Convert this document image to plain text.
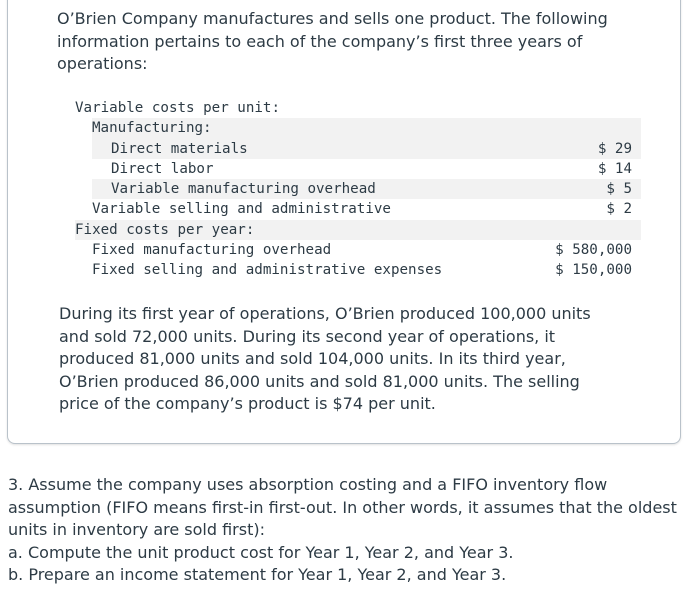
O’Brien Company manufactures and sells one product. The following information pertains to each of the company’s first three years of operations:

Variable costs per unit:
Manufacturing:
Direct materials	$ 29
Direct labor	$ 14
Variable manufacturing overhead	$ 5
Variable selling and administrative	$ 2
Fixed costs per year:
Fixed manufacturing overhead	$ 580,000
Fixed selling and administrative expenses	$ 150,000

During its first year of operations, O’Brien produced 100,000 units and sold 72,000 units. During its second year of operations, it produced 81,000 units and sold 104,000 units. In its third year, O’Brien produced 86,000 units and sold 81,000 units. The selling price of the company’s product is $74 per unit.

3. Assume the company uses absorption costing and a FIFO inventory flow assumption (FIFO means first-in first-out. In other words, it assumes that the oldest units in inventory are sold first):

a. Compute the unit product cost for Year 1, Year 2, and Year 3.

b. Prepare an income statement for Year 1, Year 2, and Year 3.
